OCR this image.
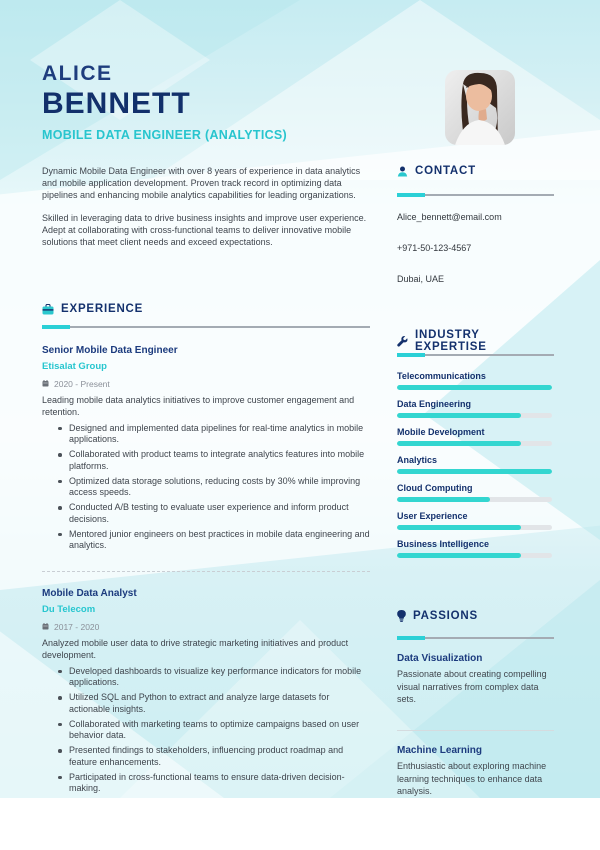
ALICE
BENNETT
MOBILE DATA ENGINEER (ANALYTICS)

Dynamic Mobile Data Engineer with over 8 years of experience in data analytics and mobile application development. Proven track record in optimizing data pipelines and enhancing mobile analytics capabilities for leading organizations.

Skilled in leveraging data to drive business insights and improve user experience. Adept at collaborating with cross-functional teams to deliver innovative mobile solutions that meet client needs and exceed expectations.

EXPERIENCE

Senior Mobile Data Engineer

Etisalat Group

2020 - Present

Leading mobile data analytics initiatives to improve customer engagement and retention.

Designed and implemented data pipelines for real-time analytics in mobile applications.
Collaborated with product teams to integrate analytics features into mobile platforms.
Optimized data storage solutions, reducing costs by 30% while improving access speeds.
Conducted A/B testing to evaluate user experience and inform product decisions.
Mentored junior engineers on best practices in mobile data engineering and analytics.

Mobile Data Analyst

Du Telecom

2017 - 2020

Analyzed mobile user data to drive strategic marketing initiatives and product development.

Developed dashboards to visualize key performance indicators for mobile applications.
Utilized SQL and Python to extract and analyze large datasets for actionable insights.
Collaborated with marketing teams to optimize campaigns based on user behavior data.
Presented findings to stakeholders, influencing product roadmap and feature enhancements.
Participated in cross-functional teams to ensure data-driven decision-making.
CONTACT
Alice_bennett@email.com
+971-50-123-4567
Dubai, UAE
INDUSTRY EXPERTISE
Telecommunications
Data Engineering
Mobile Development
Analytics
Cloud Computing
User Experience
Business Intelligence
PASSIONS

Data Visualization

Passionate about creating compelling visual narratives from complex data sets.

Machine Learning

Enthusiastic about exploring machine learning techniques to enhance data analysis.
